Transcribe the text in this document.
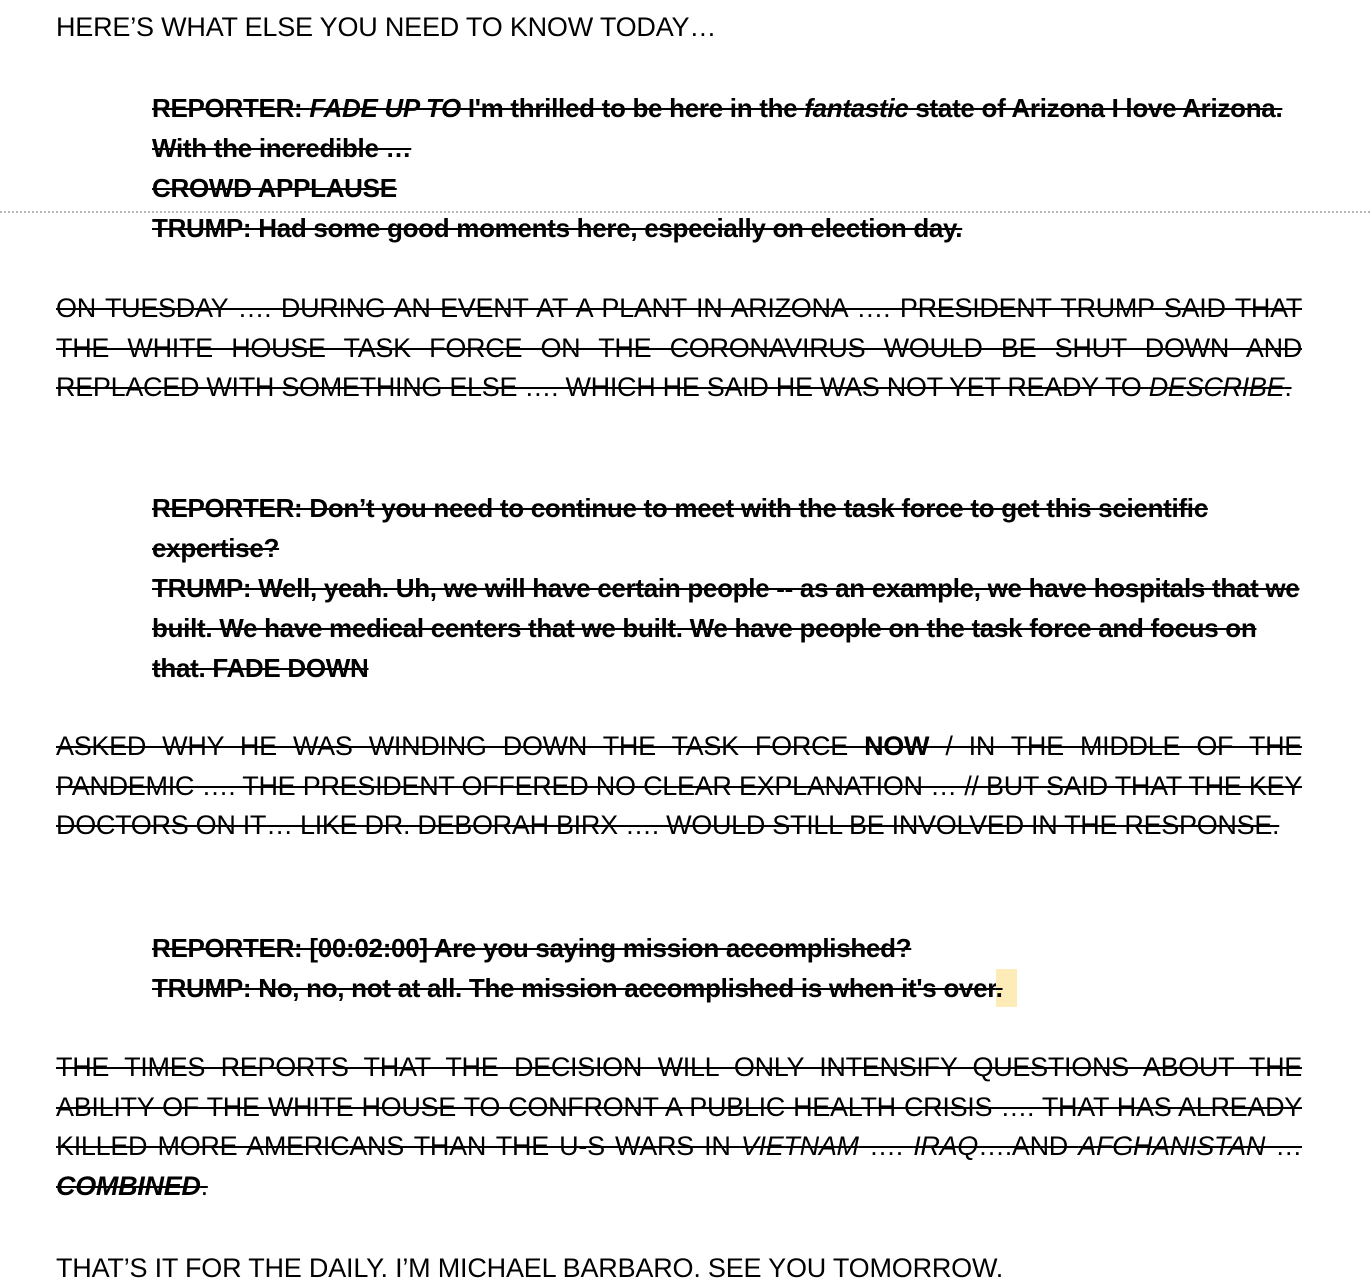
HERE’S WHAT ELSE YOU NEED TO KNOW TODAY…

REPORTER: FADE UP TO I'm thrilled to be here in the fantastic state of Arizona I love Arizona. With the incredible …

CROWD APPLAUSE

TRUMP: Had some good moments here, especially on election day.

ON TUESDAY …. DURING AN EVENT AT A PLANT IN ARIZONA …. PRESIDENT TRUMP SAID THAT THE WHITE HOUSE TASK FORCE ON THE CORONAVIRUS WOULD BE SHUT DOWN AND REPLACED WITH SOMETHING ELSE …. WHICH HE SAID HE WAS NOT YET READY TO DESCRIBE.

REPORTER: Don’t you need to continue to meet with the task force to get this scientific expertise?

TRUMP: Well, yeah. Uh, we will have certain people -- as an example, we have hospitals that we built. We have medical centers that we built. We have people on the task force and focus on that. FADE DOWN

ASKED WHY HE WAS WINDING DOWN THE TASK FORCE NOW / IN THE MIDDLE OF THE PANDEMIC …. THE PRESIDENT OFFERED NO CLEAR EXPLANATION … // BUT SAID THAT THE KEY DOCTORS ON IT… LIKE DR. DEBORAH BIRX …. WOULD STILL BE INVOLVED IN THE RESPONSE.

REPORTER: [00:02:00] Are you saying mission accomplished?

TRUMP: No, no, not at all. The mission accomplished is when it's over.

THE TIMES REPORTS THAT THE DECISION WILL ONLY INTENSIFY QUESTIONS ABOUT THE ABILITY OF THE WHITE HOUSE TO CONFRONT A PUBLIC HEALTH CRISIS …. THAT HAS ALREADY KILLED MORE AMERICANS THAN THE U-S WARS IN VIETNAM …. IRAQ….AND AFGHANISTAN … COMBINED.
THAT’S IT FOR THE DAILY. I’M MICHAEL BARBARO. SEE YOU TOMORROW.
